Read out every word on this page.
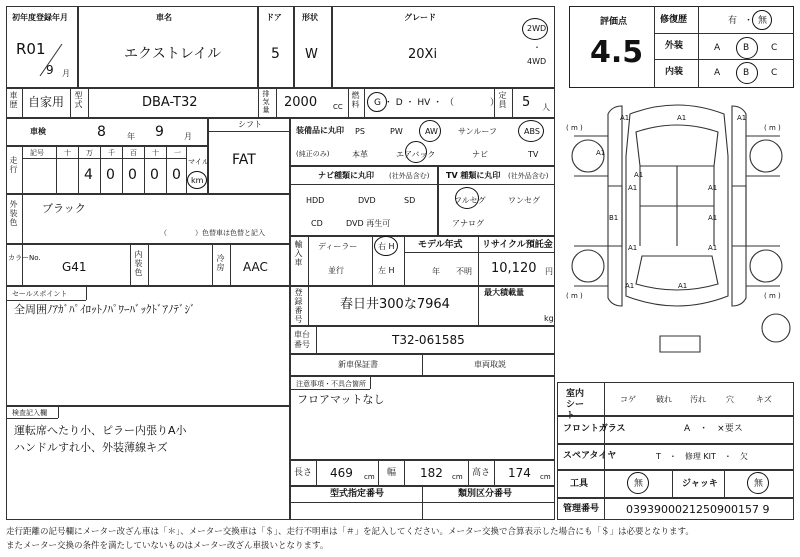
初年度登録年月
R01
9 月
車名
エクストレイル
ドア
5
形状
W
グレード
20Xi
2WD
・
4WD
車歴 自家用 型式	DBA-T32	排気量 2000 CC 燃料 G ・ D ・ HV ・ （　　　　） 定員 5 人
車検	8	年 9	月
シフト
FAT
走行
記号	十 万 千 百 十 一
4 0 0 0 0
マイル
km
外装色 ブラック
（　　　　）色替車は色替と記入
カラーNo.
G41	内装色	冷房 AAC
セールスポイント
全周囲ﾉｱｶﾞﾊﾟｲﾛｯﾄﾉﾊﾟﾜｰﾊﾞｯｸﾄﾞｱﾉﾃﾞｼﾞ
検査記入欄
運転席へたり小、ピラー内張りA小
ハンドルすれ小、外装薄線キズ
装備品に丸印
(純正のみ)
PS	PW	AW	サンルーフ	ABS
本革	エアバック	ナビ	TV
ナビ種類に丸印 (社外品含む)
HDD	DVD	SD
CD	DVD 再生可
TV 種類に丸印 (社外品含む)
フルセグ	ワンセグ
アナログ
輸入車 ディーラー
並行
右 H
左 H
モデル年式
年 不明
リサイクル預託金
10,120 円
登録番号	春日井300な7964
最大積載量
kg
車台番号	T32-061585
新車保証書	車両取説
注意事項・不具合箇所
フロアマットなし
長さ 469 cm 幅 182 cm 高さ 174 cm
型式指定番号	類別区分番号
評価点
4.5
修復歴	有 ・ 無
外装	A	B C
内装	A	B C
A1	A1	A1
A1
A1	A1
A1
B1	A1
A1	A1
A1	A1
( m )	( m )
( m )	( m )
室内シート
コゲ	破れ 汚れ	穴	キズ
フロントガラス	A　・　×要ス
スペアタイヤ	T　・　修理 KIT　・　欠
工具	無	ジャッキ	無
管理番号 0393900021250900157 9
走行距離の記号欄にメーター改ざん車は「＊」、メーター交換車は「＄」、走行不明車は「＃」を記入してください。メーター交換で合算表示した場合にも「＄」は必要となります。
またメーター交換の条件を満たしていないものはメーター改ざん車扱いとなります。
